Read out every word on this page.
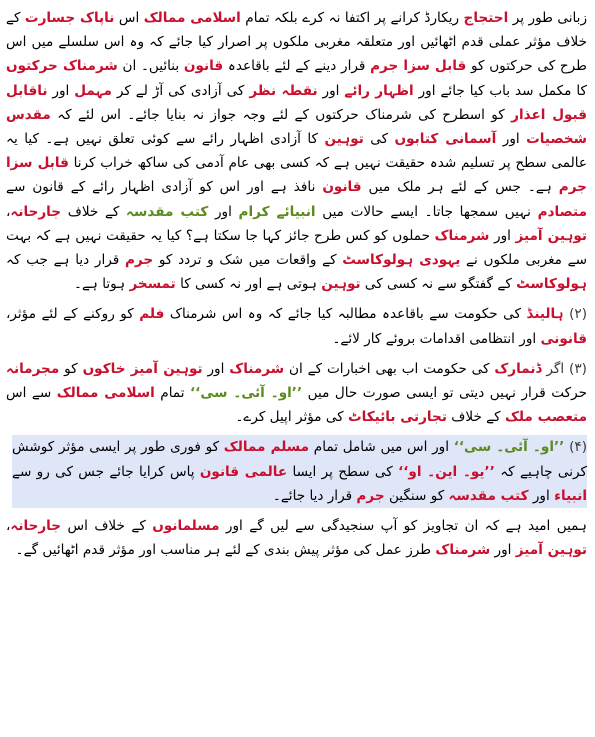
زبانی طور پر احتجاج ریکارڈ کرانے پر اکتفا نہ کرے بلکہ تمام اسلامی ممالک اس ناپاک جسارت کے خلاف مؤثر عملی قدم اٹھائیں اور متعلقہ مغربی ملکوں پر اصرار کیا جائے کہ وہ اس سلسلے میں اس طرح کی حرکتوں کو قابل سزا جرم قرار دینے کے لئے باقاعدہ قانون بنائیں۔ ان شرمناک حرکتوں کا مکمل سد باب کیا جائے اور اظہار رائے اور نقطہ نظر کی آزادی کی آڑ لے کر مہمل اور ناقابل قبول اعذار کو اسطرح کی شرمناک حرکتوں کے لئے وجہ جواز نہ بنایا جائے۔ اس لئے کہ مقدس شخصیات اور آسمانی کتابوں کی توہین کا آزادی اظہار رائے سے کوئی تعلق نہیں ہے۔ کیا یہ عالمی سطح پر تسلیم شدہ حقیقت نہیں ہے کہ کسی بھی عام آدمی کی ساکھ خراب کرنا قابل سزا جرم ہے۔ جس کے لئے ہر ملک میں قانون نافذ ہے اور اس کو آزادی اظہار رائے کے قانون سے متصادم نہیں سمجھا جاتا۔ ایسے حالات میں انبیائے کرام اور کتب مقدسہ کے خلاف جارحانہ، توہین آمیز اور شرمناک حملوں کو کس طرح جائز کہا جا سکتا ہے؟ کیا یہ حقیقت نہیں ہے کہ بہت سے مغربی ملکوں نے یہودی ہولوکاسٹ کے واقعات میں شک و تردد کو جرم قرار دیا ہے جب کہ ہولوکاسٹ کے گفتگو سے نہ کسی کی توہین ہوتی ہے اور نہ کسی کا تمسخر ہوتا ہے۔

(۲) ہالینڈ کی حکومت سے باقاعدہ مطالبہ کیا جائے کہ وہ اس شرمناک فلم کو روکنے کے لئے مؤثر، قانونی اور انتظامی اقدامات بروئے کار لائے۔

(۳) اگر ڈنمارک کی حکومت اب بھی اخبارات کے ان شرمناک اور توہین آمیز خاکوں کو مجرمانہ حرکت قرار نہیں دیتی تو ایسی صورت حال میں ’’او۔ آئی۔ سی‘‘ تمام اسلامی ممالک سے اس متعصب ملک کے خلاف تجارتی بائیکاٹ کی مؤثر اپیل کرے۔

(۴) ’’او۔ آئی۔ سی‘‘ اور اس میں شامل تمام مسلم ممالک کو فوری طور پر ایسی مؤثر کوشش کرنی چاہیے کہ ’’یو۔ این۔ او‘‘ کی سطح پر ایسا عالمی قانون پاس کرایا جائے جس کی رو سے انبیاء اور کتب مقدسہ کو سنگین جرم قرار دیا جائے۔

ہمیں امید ہے کہ ان تجاویز کو آپ سنجیدگی سے لیں گے اور مسلمانوں کے خلاف اس جارحانہ، توہین آمیز اور شرمناک طرز عمل کی مؤثر پیش بندی کے لئے ہر مناسب اور مؤثر قدم اٹھائیں گے۔
